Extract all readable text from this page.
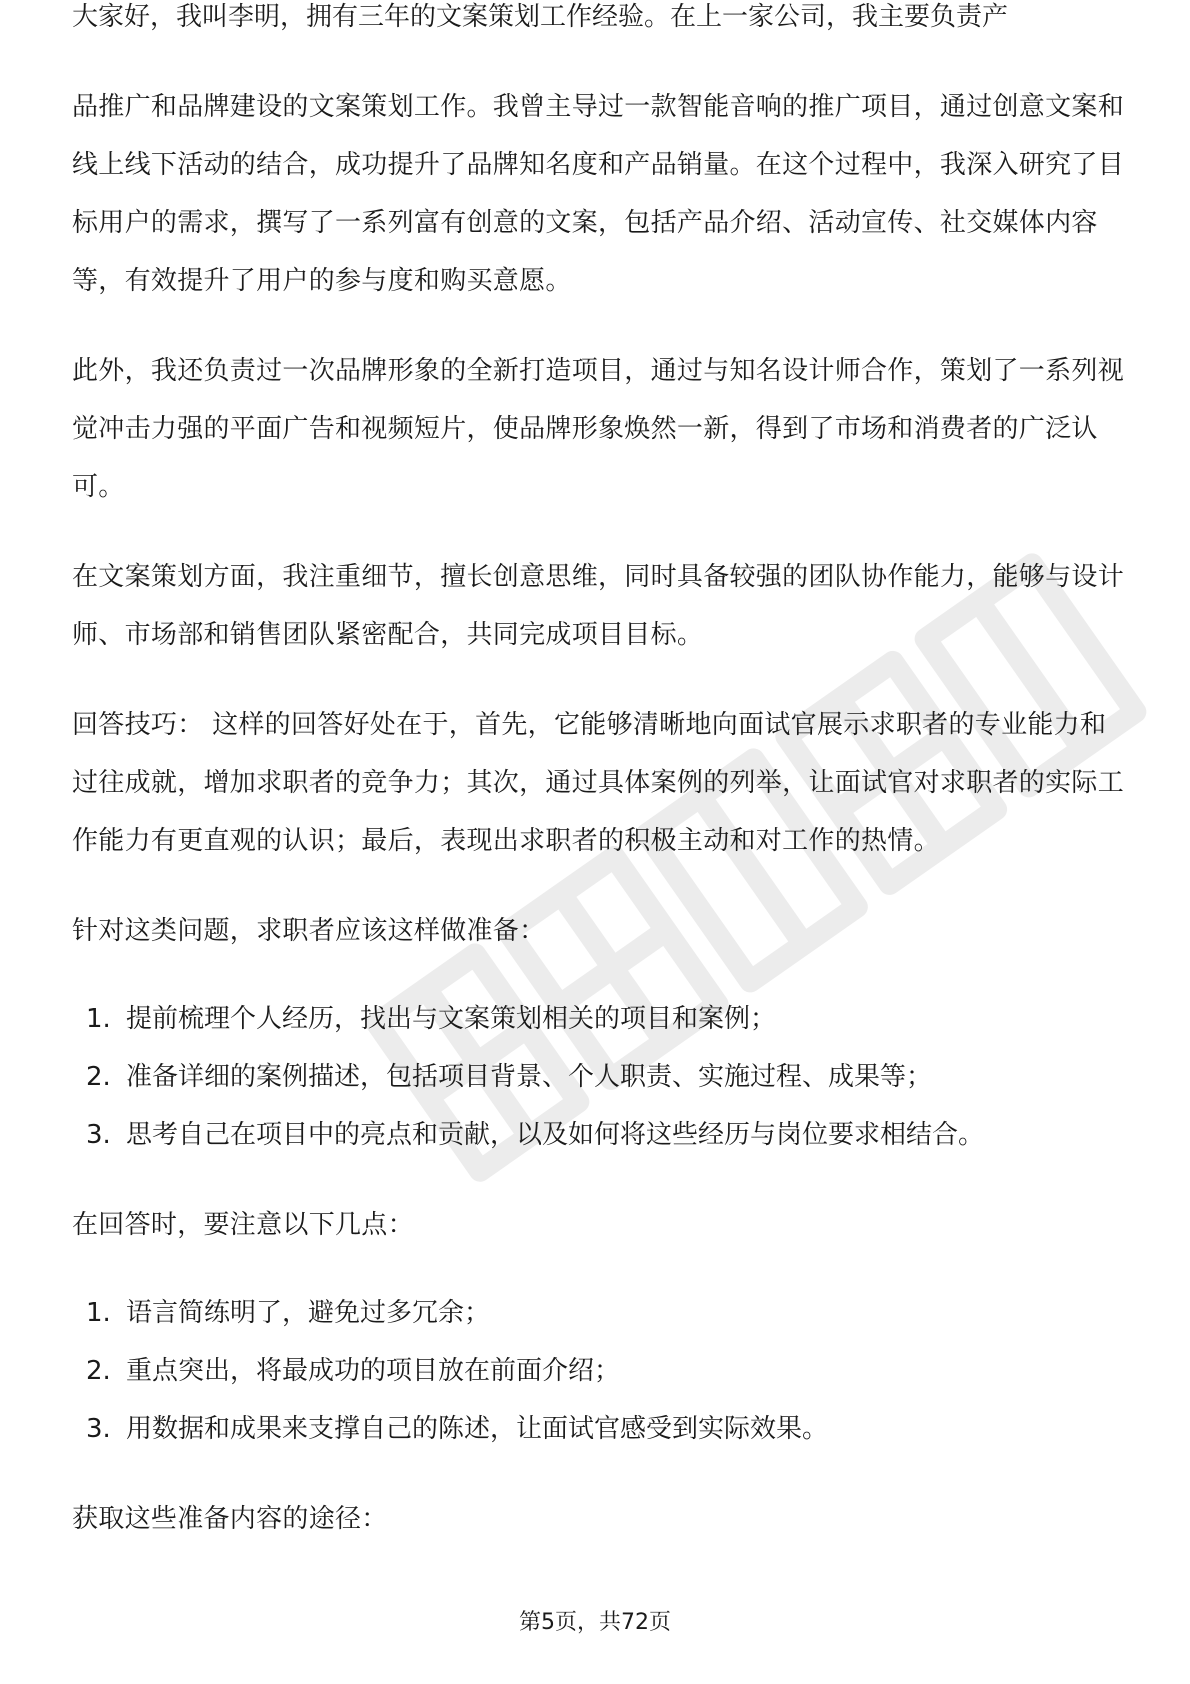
大家好，我叫李明，拥有三年的文案策划工作经验。在上一家公司，我主要负责产

品推广和品牌建设的文案策划工作。我曾主导过一款智能音响的推广项目，通过创意文案和线上线下活动的结合，成功提升了品牌知名度和产品销量。在这个过程中，我深入研究了目标用户的需求，撰写了一系列富有创意的文案，包括产品介绍、活动宣传、社交媒体内容等，有效提升了用户的参与度和购买意愿。

此外，我还负责过一次品牌形象的全新打造项目，通过与知名设计师合作，策划了一系列视觉冲击力强的平面广告和视频短片，使品牌形象焕然一新，得到了市场和消费者的广泛认可。

在文案策划方面，我注重细节，擅长创意思维，同时具备较强的团队协作能力，能够与设计师、市场部和销售团队紧密配合，共同完成项目目标。

回答技巧： 这样的回答好处在于，首先，它能够清晰地向面试官展示求职者的专业能力和过往成就，增加求职者的竞争力；其次，通过具体案例的列举，让面试官对求职者的实际工作能力有更直观的认识；最后，表现出求职者的积极主动和对工作的热情。

针对这类问题，求职者应该这样做准备：

1. 提前梳理个人经历，找出与文案策划相关的项目和案例；
2. 准备详细的案例描述，包括项目背景、个人职责、实施过程、成果等；
3. 思考自己在项目中的亮点和贡献，以及如何将这些经历与岗位要求相结合。

在回答时，要注意以下几点：

1. 语言简练明了，避免过多冗余；
2. 重点突出，将最成功的项目放在前面介绍；
3. 用数据和成果来支撑自己的陈述，让面试官感受到实际效果。

获取这些准备内容的途径：

第5页，共72页
